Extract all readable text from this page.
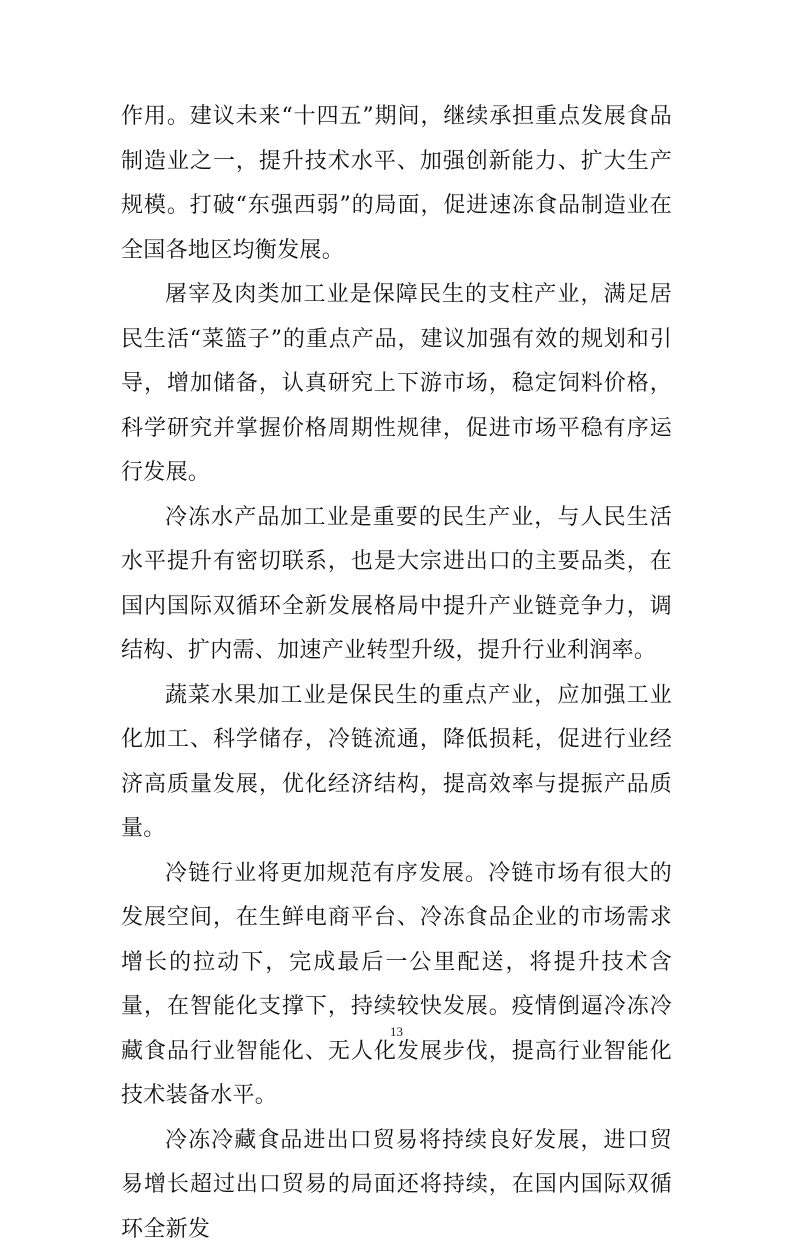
作用。建议未来“十四五”期间，继续承担重点发展食品制造业之一，提升技术水平、加强创新能力、扩大生产规模。打破“东强西弱”的局面，促进速冻食品制造业在全国各地区均衡发展。

屠宰及肉类加工业是保障民生的支柱产业，满足居民生活“菜篮子”的重点产品，建议加强有效的规划和引导，增加储备，认真研究上下游市场，稳定饲料价格，科学研究并掌握价格周期性规律，促进市场平稳有序运行发展。

冷冻水产品加工业是重要的民生产业，与人民生活水平提升有密切联系，也是大宗进出口的主要品类，在国内国际双循环全新发展格局中提升产业链竞争力，调结构、扩内需、加速产业转型升级，提升行业利润率。

蔬菜水果加工业是保民生的重点产业，应加强工业化加工、科学储存，冷链流通，降低损耗，促进行业经济高质量发展，优化经济结构，提高效率与提振产品质量。

冷链行业将更加规范有序发展。冷链市场有很大的发展空间，在生鲜电商平台、冷冻食品企业的市场需求增长的拉动下，完成最后一公里配送，将提升技术含量，在智能化支撑下，持续较快发展。疫情倒逼冷冻冷藏食品行业智能化、无人化发展步伐，提高行业智能化技术装备水平。

冷冻冷藏食品进出口贸易将持续良好发展，进口贸易增长超过出口贸易的局面还将持续，在国内国际双循环全新发

13
